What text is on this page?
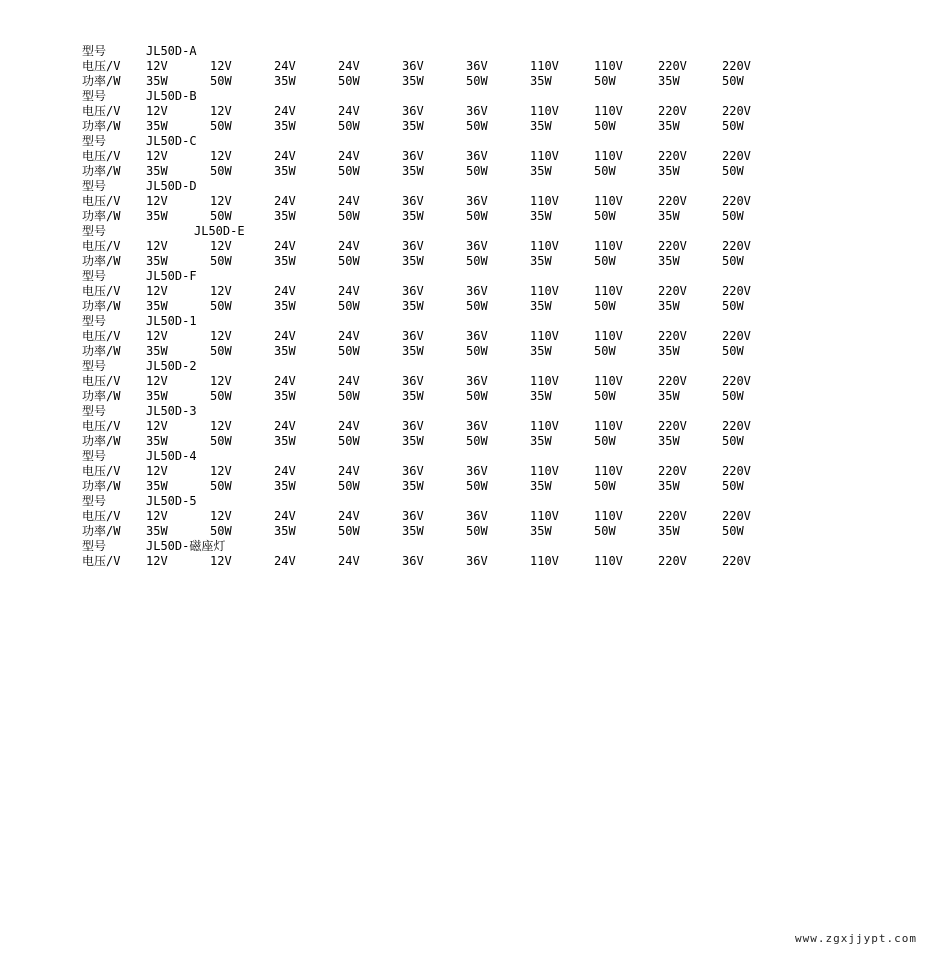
型号	JL50D-A
电压/V	12V	12V	24V	24V	36V	36V	110V	110V	220V	220V
功率/W	35W	50W	35W	50W	35W	50W	35W	50W	35W	50W
型号	JL50D-B
电压/V	12V	12V	24V	24V	36V	36V	110V	110V	220V	220V
功率/W	35W	50W	35W	50W	35W	50W	35W	50W	35W	50W
型号	JL50D-C
电压/V	12V	12V	24V	24V	36V	36V	110V	110V	220V	220V
功率/W	35W	50W	35W	50W	35W	50W	35W	50W	35W	50W
型号	JL50D-D
电压/V	12V	12V	24V	24V	36V	36V	110V	110V	220V	220V
功率/W	35W	50W	35W	50W	35W	50W	35W	50W	35W	50W
型号	JL50D-E
电压/V	12V	12V	24V	24V	36V	36V	110V	110V	220V	220V
功率/W	35W	50W	35W	50W	35W	50W	35W	50W	35W	50W
型号	JL50D-F
电压/V	12V	12V	24V	24V	36V	36V	110V	110V	220V	220V
功率/W	35W	50W	35W	50W	35W	50W	35W	50W	35W	50W
型号	JL50D-1
电压/V	12V	12V	24V	24V	36V	36V	110V	110V	220V	220V
功率/W	35W	50W	35W	50W	35W	50W	35W	50W	35W	50W
型号	JL50D-2
电压/V	12V	12V	24V	24V	36V	36V	110V	110V	220V	220V
功率/W	35W	50W	35W	50W	35W	50W	35W	50W	35W	50W
型号	JL50D-3
电压/V	12V	12V	24V	24V	36V	36V	110V	110V	220V	220V
功率/W	35W	50W	35W	50W	35W	50W	35W	50W	35W	50W
型号	JL50D-4
电压/V	12V	12V	24V	24V	36V	36V	110V	110V	220V	220V
功率/W	35W	50W	35W	50W	35W	50W	35W	50W	35W	50W
型号	JL50D-5
电压/V	12V	12V	24V	24V	36V	36V	110V	110V	220V	220V
功率/W	35W	50W	35W	50W	35W	50W	35W	50W	35W	50W
型号	JL50D-磁座灯
电压/V	12V	12V	24V	24V	36V	36V	110V	110V	220V	220V
www.zgxjjypt.com
